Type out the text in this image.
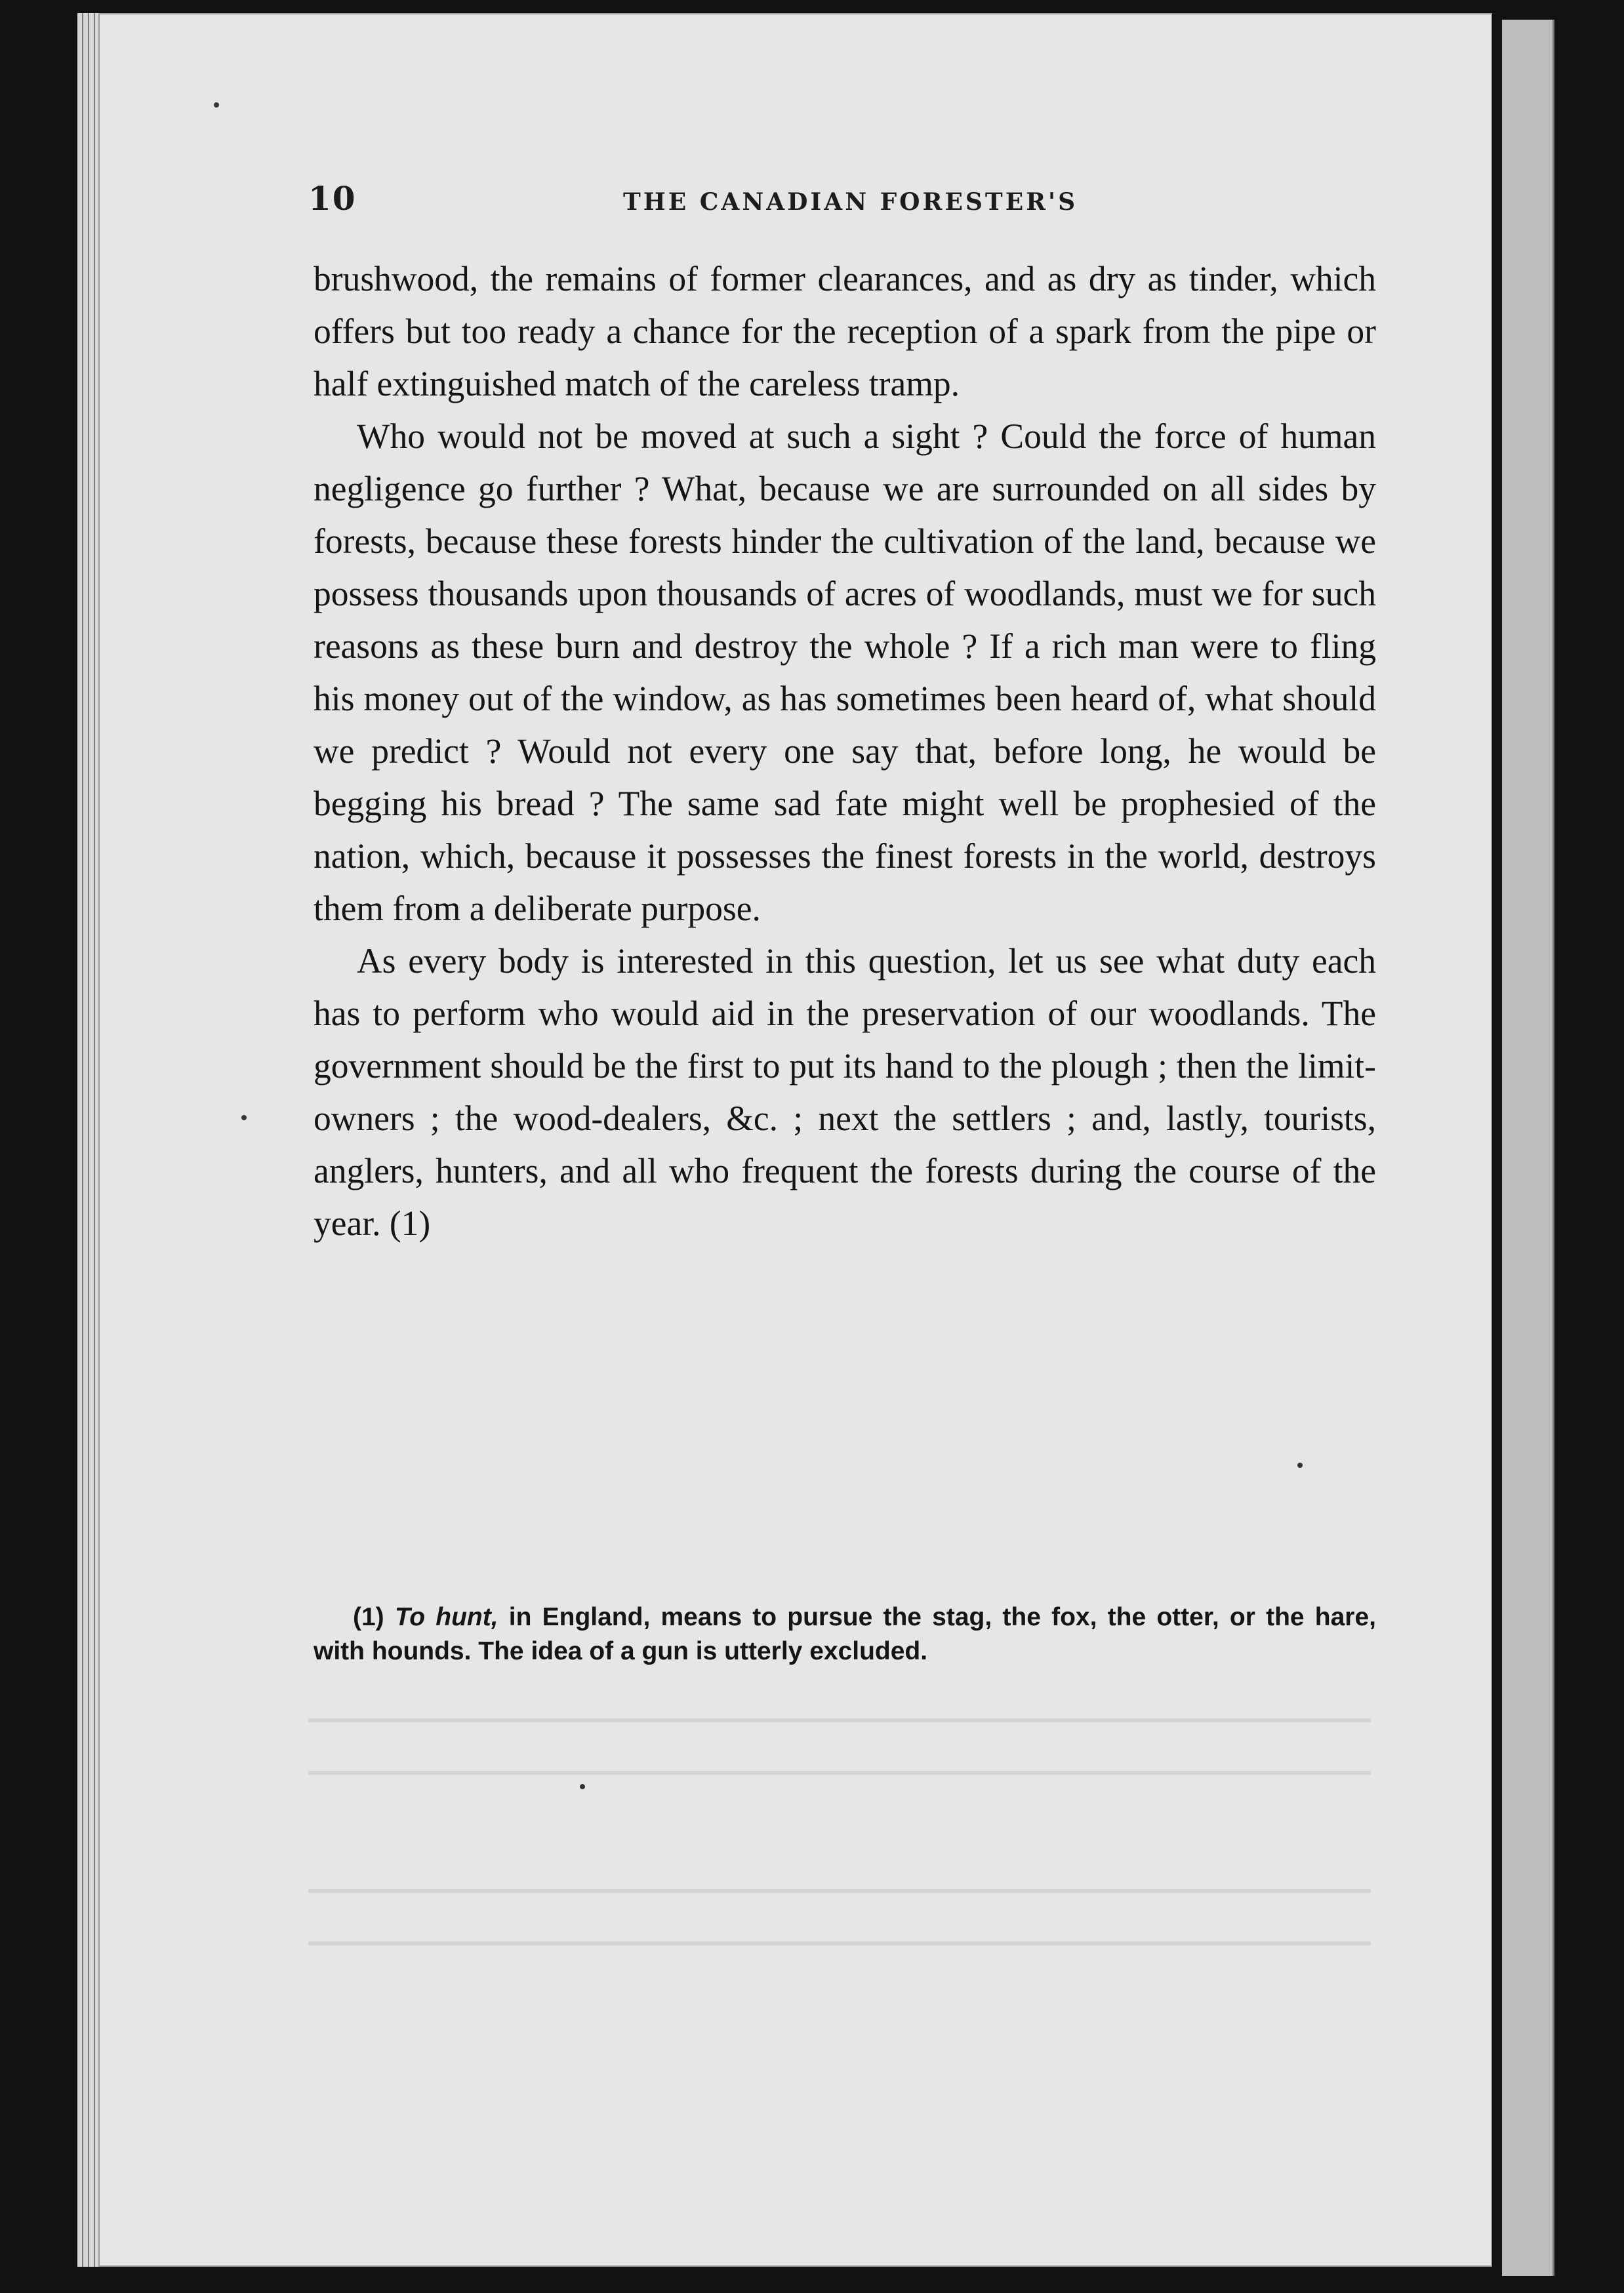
10	THE CANADIAN FORESTER'S

brushwood, the remains of former clearances, and as dry as tinder, which offers but too ready a chance for the reception of a spark from the pipe or half extinguished match of the careless tramp.

Who would not be moved at such a sight ? Could the force of human negligence go further ? What, because we are surrounded on all sides by forests, because these forests hinder the cultivation of the land, because we possess thousands upon thousands of acres of woodlands, must we for such reasons as these burn and destroy the whole ? If a rich man were to fling his money out of the window, as has sometimes been heard of, what should we predict ? Would not every one say that, before long, he would be begging his bread ? The same sad fate might well be prophesied of the nation, which, because it possesses the finest forests in the world, destroys them from a deliberate purpose.

As every body is interested in this question, let us see what duty each has to perform who would aid in the preservation of our woodlands. The government should be the first to put its hand to the plough ; then the limit-owners ; the wood-dealers, &c. ; next the settlers ; and, lastly, tourists, anglers, hunters, and all who frequent the forests during the course of the year. (1)

(1) To hunt, in England, means to pursue the stag, the fox, the otter, or the hare, with hounds. The idea of a gun is utterly excluded.
